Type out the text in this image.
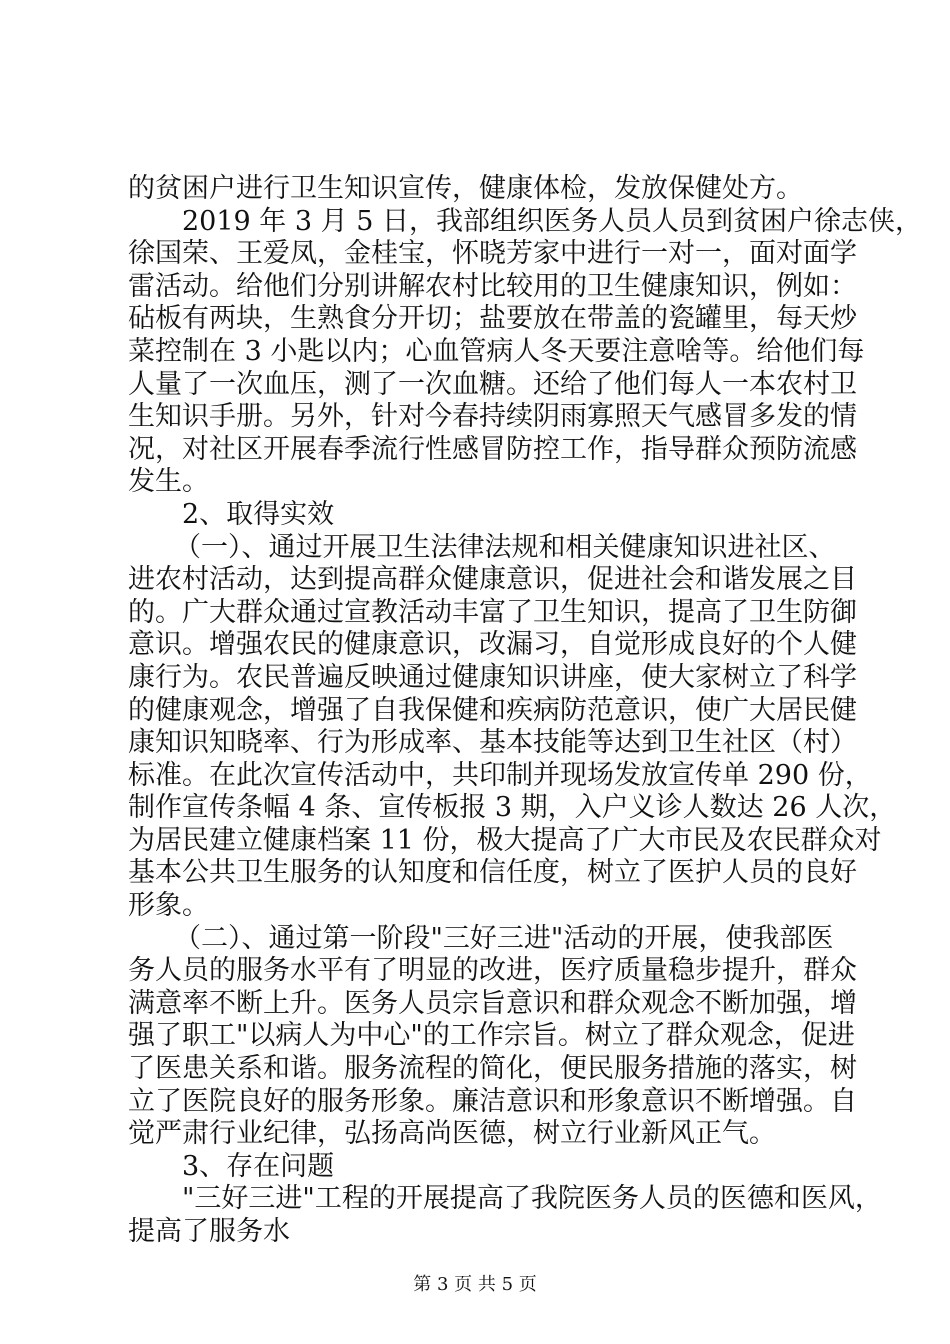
的贫困户进行卫生知识宣传，健康体检，发放保健处方。
2019 年 3 月 5 日，我部组织医务人员人员到贫困户徐志侠，
徐国荣、王爱凤，金桂宝，怀晓芳家中进行一对一，面对面学
雷活动。给他们分别讲解农村比较用的卫生健康知识，例如：
砧板有两块，生熟食分开切；盐要放在带盖的瓷罐里，每天炒
菜控制在 3 小匙以内；心血管病人冬天要注意啥等。给他们每
人量了一次血压，测了一次血糖。还给了他们每人一本农村卫
生知识手册。另外，针对今春持续阴雨寡照天气感冒多发的情
况，对社区开展春季流行性感冒防控工作，指导群众预防流感
发生。
2、取得实效
（一）、通过开展卫生法律法规和相关健康知识进社区、
进农村活动，达到提高群众健康意识，促进社会和谐发展之目
的。广大群众通过宣教活动丰富了卫生知识，提高了卫生防御
意识。增强农民的健康意识，改漏习，自觉形成良好的个人健
康行为。农民普遍反映通过健康知识讲座，使大家树立了科学
的健康观念，增强了自我保健和疾病防范意识，使广大居民健
康知识知晓率、行为形成率、基本技能等达到卫生社区（村）
标准。在此次宣传活动中，共印制并现场发放宣传单 290 份，
制作宣传条幅 4 条、宣传板报 3 期，入户义诊人数达 26 人次，
为居民建立健康档案 11 份，极大提高了广大市民及农民群众对
基本公共卫生服务的认知度和信任度，树立了医护人员的良好
形象。
（二）、通过第一阶段"三好三进"活动的开展，使我部医
务人员的服务水平有了明显的改进，医疗质量稳步提升，群众
满意率不断上升。医务人员宗旨意识和群众观念不断加强，增
强了职工"以病人为中心"的工作宗旨。树立了群众观念，促进
了医患关系和谐。服务流程的简化，便民服务措施的落实，树
立了医院良好的服务形象。廉洁意识和形象意识不断增强。自
觉严肃行业纪律，弘扬高尚医德，树立行业新风正气。
3、存在问题
"三好三进"工程的开展提高了我院医务人员的医德和医风，
提高了服务水
第 3 页 共 5 页
